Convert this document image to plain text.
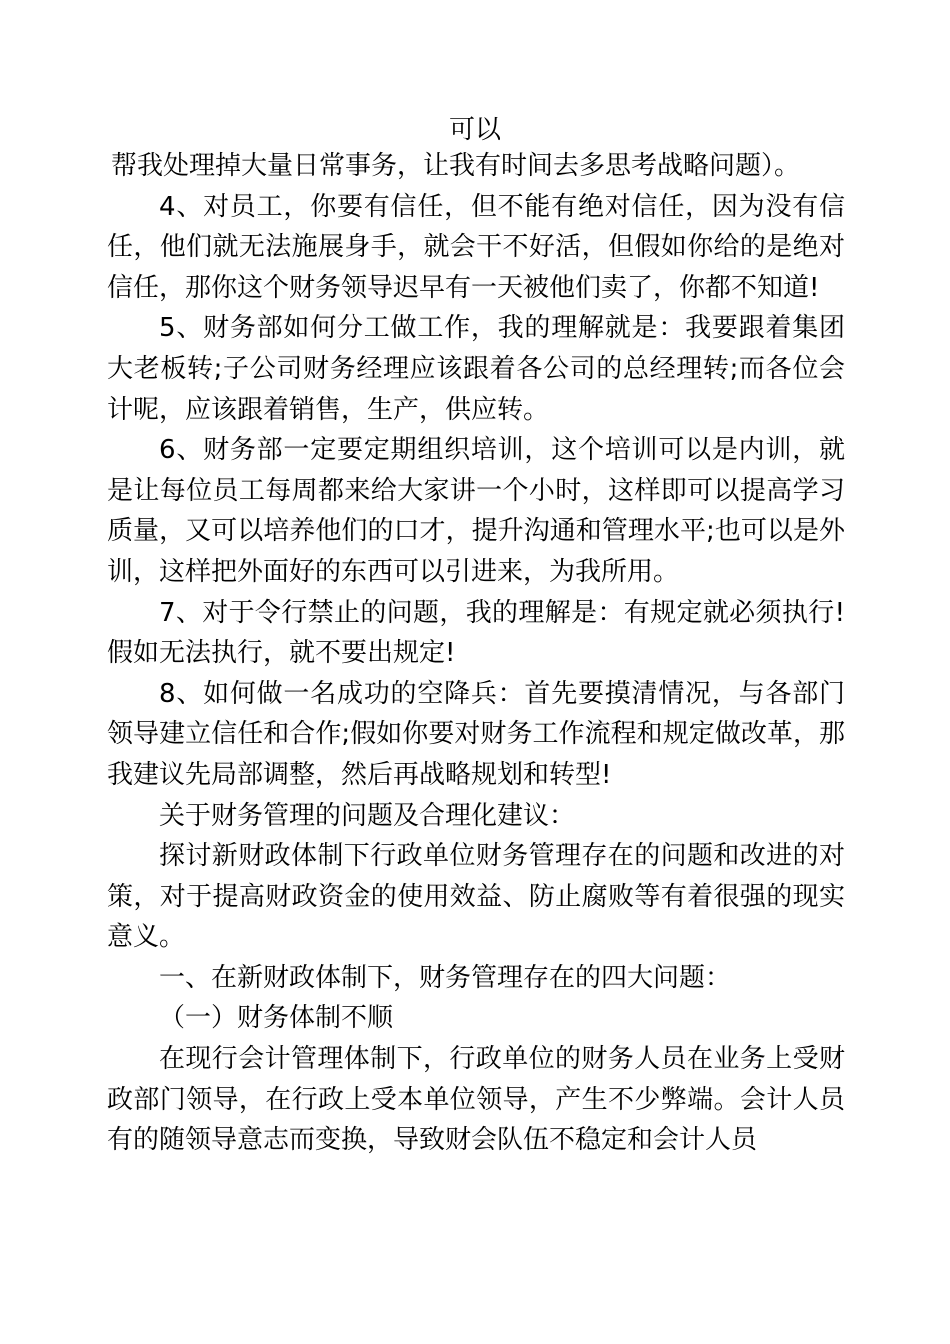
可以

帮我处理掉大量日常事务，让我有时间去多思考战略问题）。

4、对员工，你要有信任，但不能有绝对信任，因为没有信任，他们就无法施展身手，就会干不好活，但假如你给的是绝对信任，那你这个财务领导迟早有一天被他们卖了，你都不知道!

5、财务部如何分工做工作，我的理解就是：我要跟着集团大老板转;子公司财务经理应该跟着各公司的总经理转;而各位会计呢，应该跟着销售，生产，供应转。

6、财务部一定要定期组织培训，这个培训可以是内训，就是让每位员工每周都来给大家讲一个小时，这样即可以提高学习质量，又可以培养他们的口才，提升沟通和管理水平;也可以是外训，这样把外面好的东西可以引进来，为我所用。

7、对于令行禁止的问题，我的理解是：有规定就必须执行!假如无法执行，就不要出规定!

8、如何做一名成功的空降兵：首先要摸清情况，与各部门领导建立信任和合作;假如你要对财务工作流程和规定做改革，那我建议先局部调整，然后再战略规划和转型!

关于财务管理的问题及合理化建议：

探讨新财政体制下行政单位财务管理存在的问题和改进的对策，对于提高财政资金的使用效益、防止腐败等有着很强的现实意义。

一、在新财政体制下，财务管理存在的四大问题：

（一）财务体制不顺

在现行会计管理体制下，行政单位的财务人员在业务上受财政部门领导，在行政上受本单位领导，产生不少弊端。会计人员有的随领导意志而变换，导致财会队伍不稳定和会计人员
